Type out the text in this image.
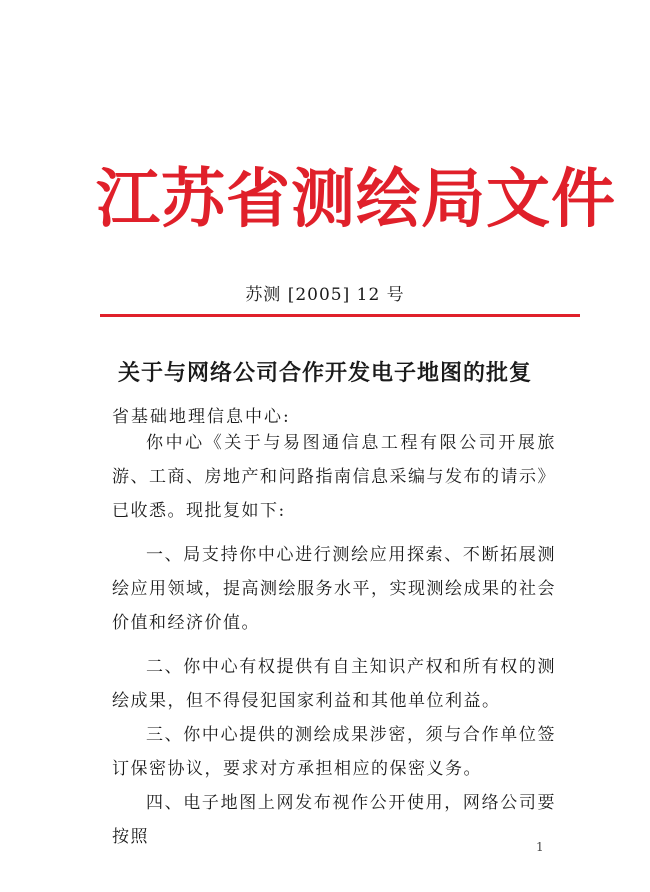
江 苏 省 测 绘 局 文 件
苏测 [2005] 12 号
关于与网络公司合作开发电子地图的批复
省基础地理信息中心:

你中心《关于与易图通信息工程有限公司开展旅游、工商、房地产和问路指南信息采编与发布的请示》已收悉。现批复如下:

一、局支持你中心进行测绘应用探索、不断拓展测绘应用领域，提高测绘服务水平，实现测绘成果的社会价值和经济价值。

二、你中心有权提供有自主知识产权和所有权的测绘成果，但不得侵犯国家利益和其他单位利益。

三、你中心提供的测绘成果涉密，须与合作单位签订保密协议，要求对方承担相应的保密义务。

四、电子地图上网发布视作公开使用，网络公司要按照	1
